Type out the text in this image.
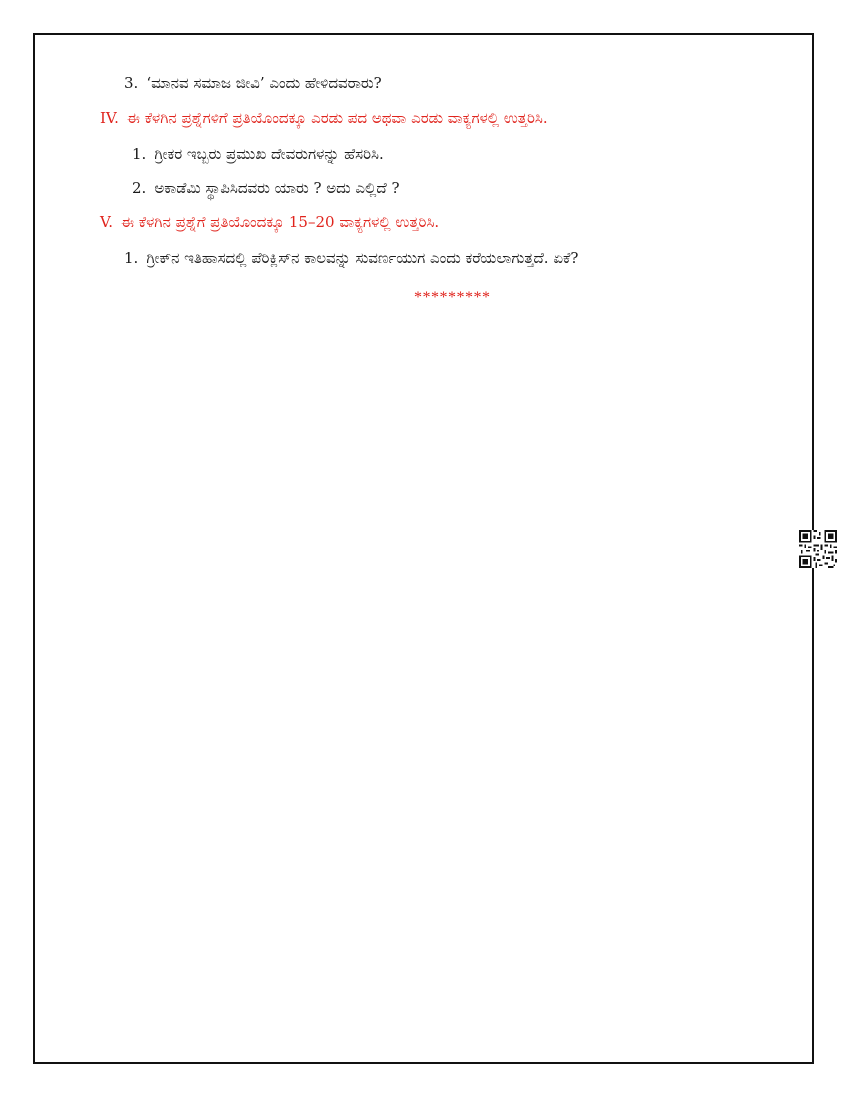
3. ‘ಮಾನವ ಸಮಾಜ ಜೀವಿ’ ಎಂದು ಹೇಳಿದವರಾರು?
IV. ಈ ಕೆಳಗಿನ ಪ್ರಶ್ನೆಗಳಿಗೆ ಪ್ರತಿಯೊಂದಕ್ಕೂ ಎರಡು ಪದ ಅಥವಾ ಎರಡು ವಾಕ್ಯಗಳಲ್ಲಿ ಉತ್ತರಿಸಿ.
1. ಗ್ರೀಕರ ಇಬ್ಬರು ಪ್ರಮುಖ ದೇವರುಗಳನ್ನು ಹೆಸರಿಸಿ.
2. ಅಕಾಡೆಮಿ ಸ್ಥಾಪಿಸಿದವರು ಯಾರು ? ಅದು ಎಲ್ಲಿದೆ ?
V. ಈ ಕೆಳಗಿನ ಪ್ರಶ್ನೆಗೆ ಪ್ರತಿಯೊಂದಕ್ಕೂ 15–20 ವಾಕ್ಯಗಳಲ್ಲಿ ಉತ್ತರಿಸಿ.
1. ಗ್ರೀಕ್‌ನ ಇತಿಹಾಸದಲ್ಲಿ ಪೆರಿಕ್ಲಿಸ್‌ನ ಕಾಲವನ್ನು ಸುವರ್ಣಯುಗ ಎಂದು ಕರೆಯಲಾಗುತ್ತದೆ. ಏಕೆ?
*********
